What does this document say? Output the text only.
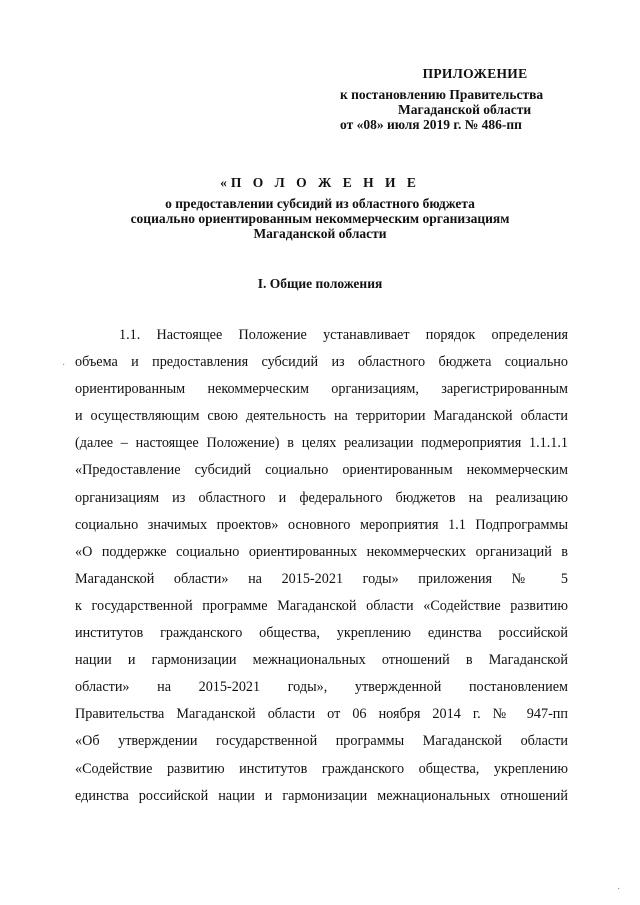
ПРИЛОЖЕНИЕ
к постановлению Правительства
Магаданской области
от «08» июля 2019 г. № 486-пп
«П О Л О Ж Е Н И Е
о предоставлении субсидий из областного бюджета
социально ориентированным некоммерческим организациям
Магаданской области
I. Общие положения
1.1. Настоящее Положение устанавливает порядок определения
объема и предоставления субсидий из областного бюджета социально
ориентированным некоммерческим организациям, зарегистрированным
и осуществляющим свою деятельность на территории Магаданской области
(далее – настоящее Положение) в целях реализации подмероприятия 1.1.1.1
«Предоставление субсидий социально ориентированным некоммерческим
организациям из областного и федерального бюджетов на реализацию
социально значимых проектов» основного мероприятия 1.1 Подпрограммы
«О поддержке социально ориентированных некоммерческих организаций в
Магаданской области» на 2015-2021 годы» приложения № 5
к государственной программе Магаданской области «Содействие развитию
институтов гражданского общества, укреплению единства российской
нации и гармонизации межнациональных отношений в Магаданской
области» на 2015-2021 годы», утвержденной постановлением
Правительства Магаданской области от 06 ноября 2014 г. № 947-пп
«Об утверждении государственной программы Магаданской области
«Содействие развитию институтов гражданского общества, укреплению
единства российской нации и гармонизации межнациональных отношений
·
·
